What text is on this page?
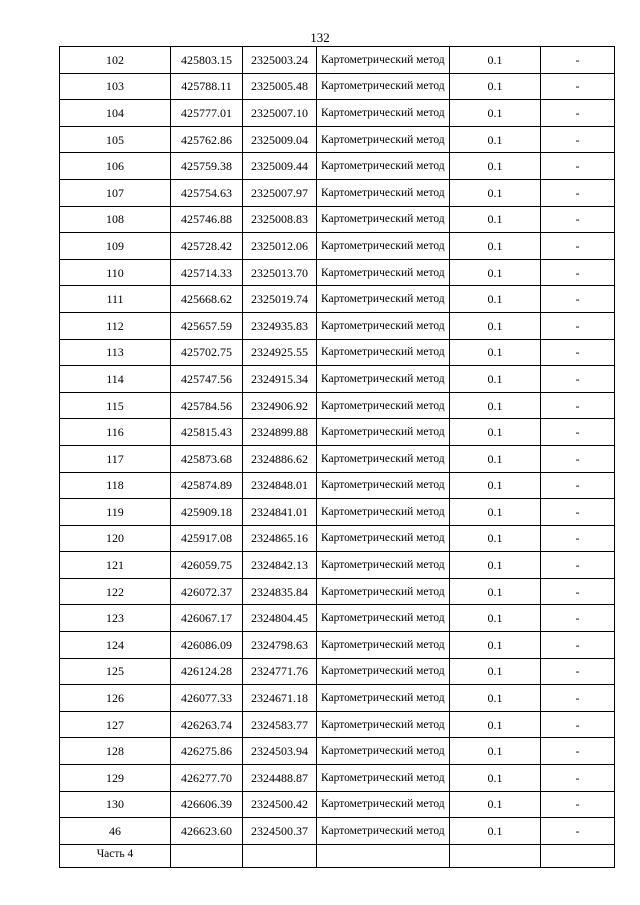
132
102	425803.15	2325003.24	Картометрический метод	0.1	-
103	425788.11	2325005.48	Картометрический метод	0.1	-
104	425777.01	2325007.10	Картометрический метод	0.1	-
105	425762.86	2325009.04	Картометрический метод	0.1	-
106	425759.38	2325009.44	Картометрический метод	0.1	-
107	425754.63	2325007.97	Картометрический метод	0.1	-
108	425746.88	2325008.83	Картометрический метод	0.1	-
109	425728.42	2325012.06	Картометрический метод	0.1	-
110	425714.33	2325013.70	Картометрический метод	0.1	-
111	425668.62	2325019.74	Картометрический метод	0.1	-
112	425657.59	2324935.83	Картометрический метод	0.1	-
113	425702.75	2324925.55	Картометрический метод	0.1	-
114	425747.56	2324915.34	Картометрический метод	0.1	-
115	425784.56	2324906.92	Картометрический метод	0.1	-
116	425815.43	2324899.88	Картометрический метод	0.1	-
117	425873.68	2324886.62	Картометрический метод	0.1	-
118	425874.89	2324848.01	Картометрический метод	0.1	-
119	425909.18	2324841.01	Картометрический метод	0.1	-
120	425917.08	2324865.16	Картометрический метод	0.1	-
121	426059.75	2324842.13	Картометрический метод	0.1	-
122	426072.37	2324835.84	Картометрический метод	0.1	-
123	426067.17	2324804.45	Картометрический метод	0.1	-
124	426086.09	2324798.63	Картометрический метод	0.1	-
125	426124.28	2324771.76	Картометрический метод	0.1	-
126	426077.33	2324671.18	Картометрический метод	0.1	-
127	426263.74	2324583.77	Картометрический метод	0.1	-
128	426275.86	2324503.94	Картометрический метод	0.1	-
129	426277.70	2324488.87	Картометрический метод	0.1	-
130	426606.39	2324500.42	Картометрический метод	0.1	-
46	426623.60	2324500.37	Картометрический метод	0.1	-
Часть 4					
